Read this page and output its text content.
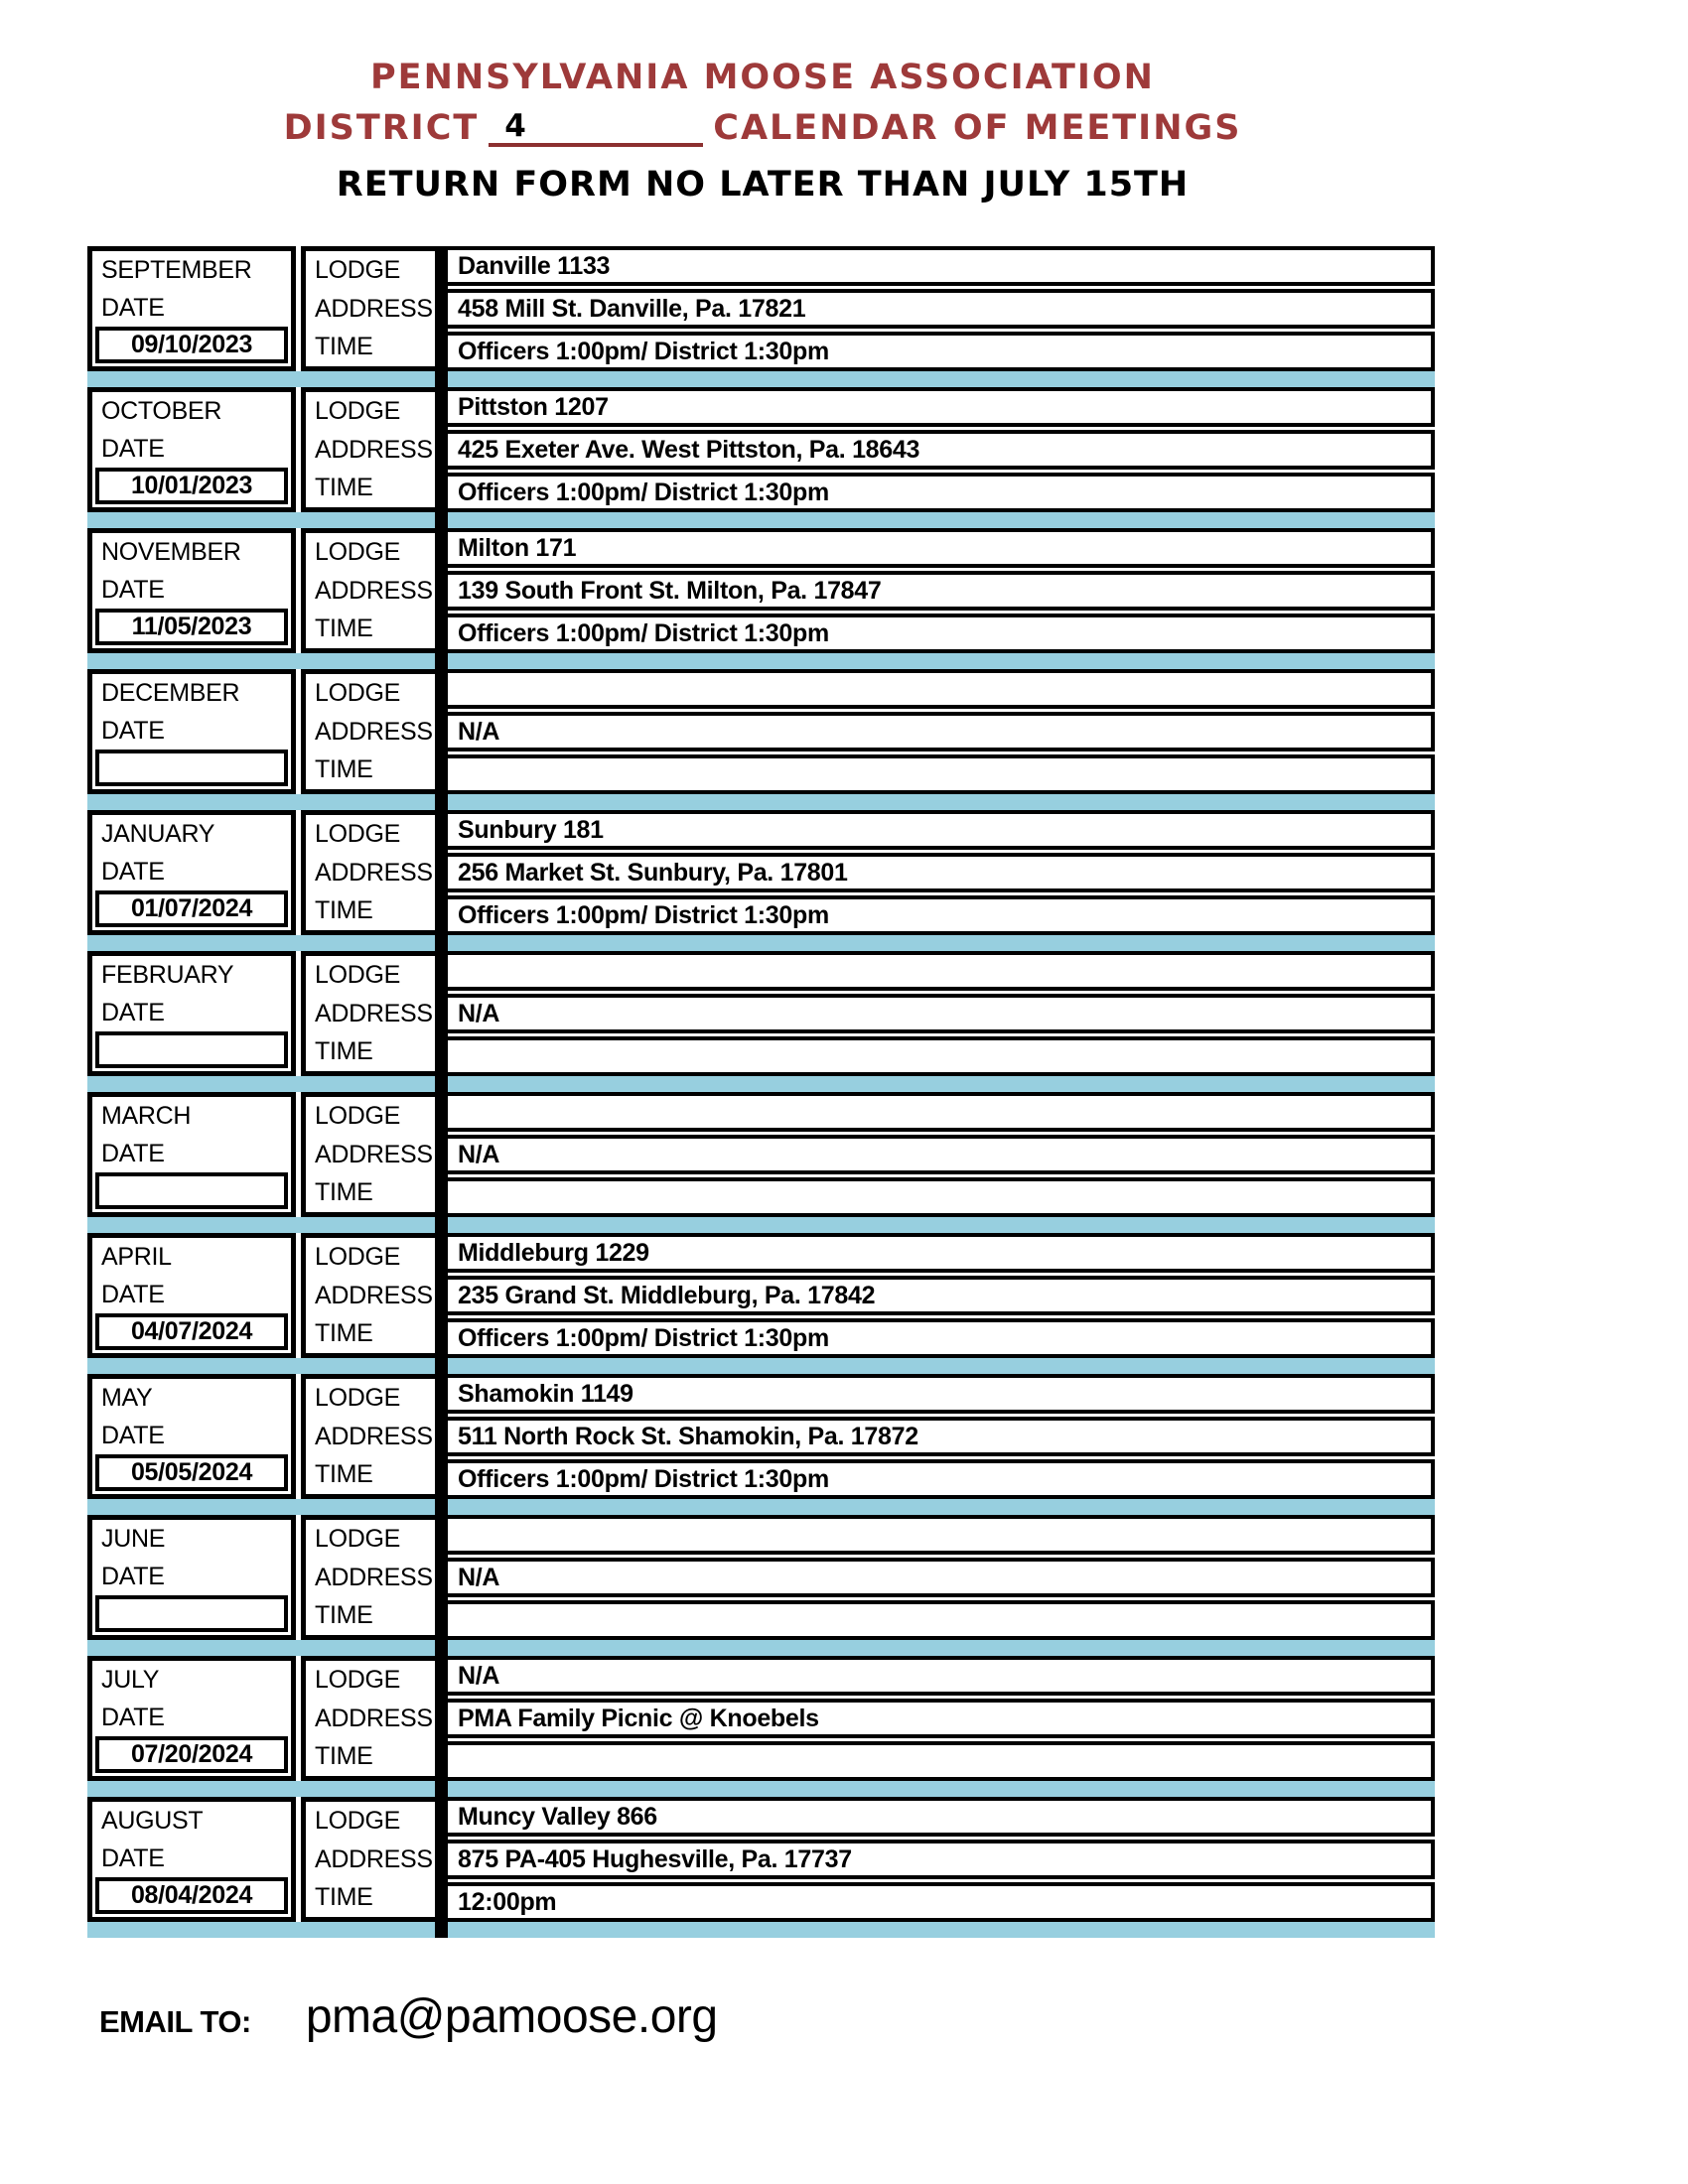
PENNSYLVANIA MOOSE ASSOCIATION
DISTRICT 4	CALENDAR OF MEETINGS
RETURN FORM NO LATER THAN JULY 15TH
SEPTEMBER
DATE
09/10/2023
LODGE
ADDRESS
TIME
Danville 1133
458 Mill St. Danville, Pa. 17821
Officers 1:00pm/ District 1:30pm
OCTOBER
DATE
10/01/2023
LODGE
ADDRESS
TIME
Pittston 1207
425 Exeter Ave. West Pittston, Pa. 18643
Officers 1:00pm/ District 1:30pm
NOVEMBER
DATE
11/05/2023
LODGE
ADDRESS
TIME
Milton 171
139 South Front St. Milton, Pa. 17847
Officers 1:00pm/ District 1:30pm
DECEMBER
DATE
LODGE
ADDRESS
TIME
N/A
JANUARY
DATE
01/07/2024
LODGE
ADDRESS
TIME
Sunbury 181
256 Market St. Sunbury, Pa. 17801
Officers 1:00pm/ District 1:30pm
FEBRUARY
DATE
LODGE
ADDRESS
TIME
N/A
MARCH
DATE
LODGE
ADDRESS
TIME
N/A
APRIL
DATE
04/07/2024
LODGE
ADDRESS
TIME
Middleburg 1229
235 Grand St. Middleburg, Pa. 17842
Officers 1:00pm/ District 1:30pm
MAY
DATE
05/05/2024
LODGE
ADDRESS
TIME
Shamokin 1149
511 North Rock St. Shamokin, Pa. 17872
Officers 1:00pm/ District 1:30pm
JUNE
DATE
LODGE
ADDRESS
TIME
N/A
JULY
DATE
07/20/2024
LODGE
ADDRESS
TIME
N/A
PMA Family Picnic @ Knoebels
AUGUST
DATE
08/04/2024
LODGE
ADDRESS
TIME
Muncy Valley 866
875 PA-405 Hughesville, Pa. 17737
12:00pm
EMAIL TO: pma@pamoose.org
